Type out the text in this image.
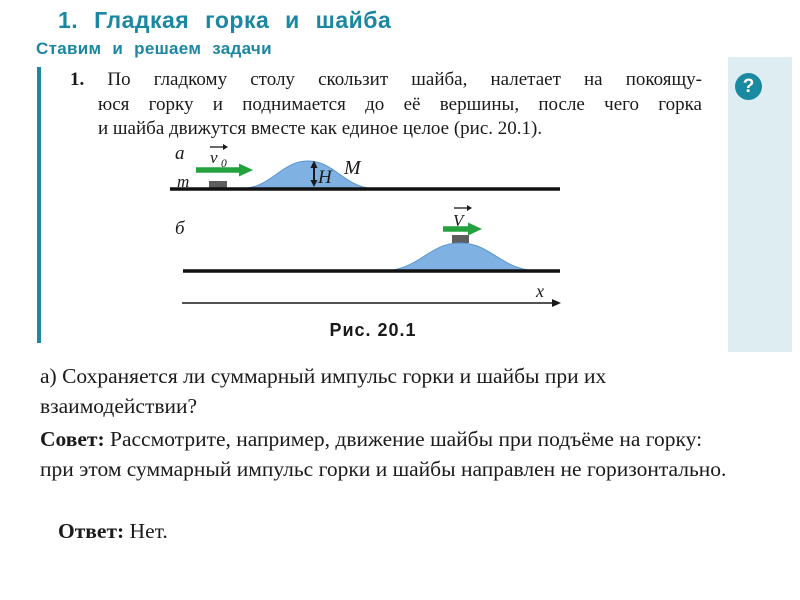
1. Гладкая горка и шайба
Ставим и решаем задачи
1. По гладкому столу скользит шайба, налетает на покоящу-
юся горку и поднимается до её вершины, после чего горка
и шайба движутся вместе как единое целое (рис. 20.1).
а v 0
m	H M
б	V
x
Рис. 20.1
?
а) Сохраняется ли суммарный импульс горки и шайбы при их взаимодействии?
Совет: Рассмотрите, например, движение шайбы при подъёме на горку: при этом суммарный импульс горки и шайбы направлен не горизонтально.
Ответ: Нет.
